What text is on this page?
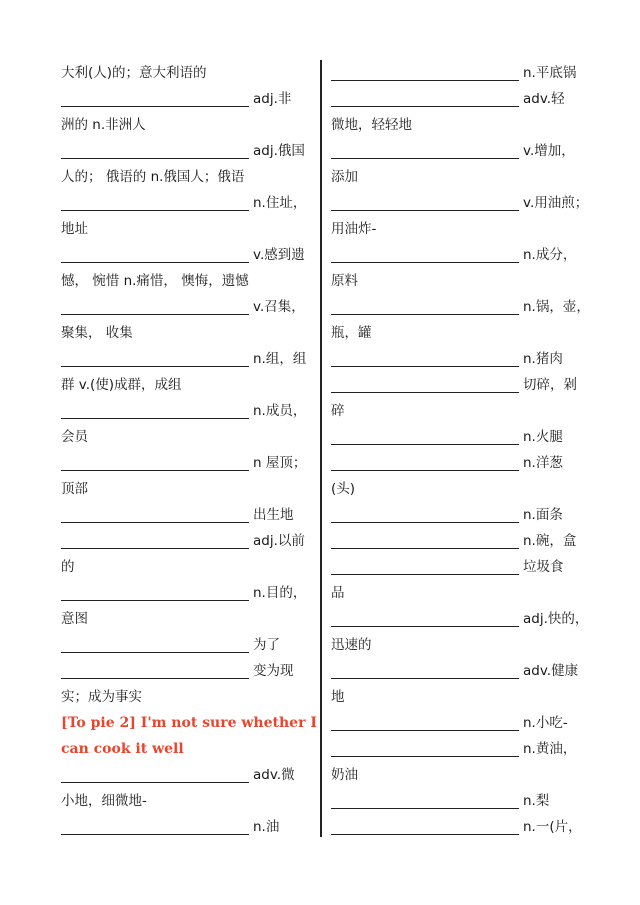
大利(人)的；意大利语的
adj.非
洲的 n.非洲人
adj.俄国
人的； 俄语的 n.俄国人；俄语
n.住址，
地址
v.感到遗
憾， 惋惜 n.痛惜， 懊悔，遗憾
v.召集，
聚集， 收集
n.组，组
群 v.(使)成群，成组
n.成员，
会员
n 屋顶；
顶部
出生地
adj.以前
的
n.目的，
意图
为了
变为现
实；成为事实
[To pie 2] I'm not sure whether I
can cook it well
adv.微
小地，细微地-
n.油
n.平底锅
adv.轻
微地，轻轻地
v.增加，
添加
v.用油煎；
用油炸-
n.成分，
原料
n.锅，壶，
瓶，罐
n.猪肉
切碎，剁
碎
n.火腿
n.洋葱
(头)
n.面条
n.碗，盒
垃圾食
品
adj.快的，
迅速的
adv.健康
地
n.小吃-
n.黄油，
奶油
n.梨
n.一(片，
